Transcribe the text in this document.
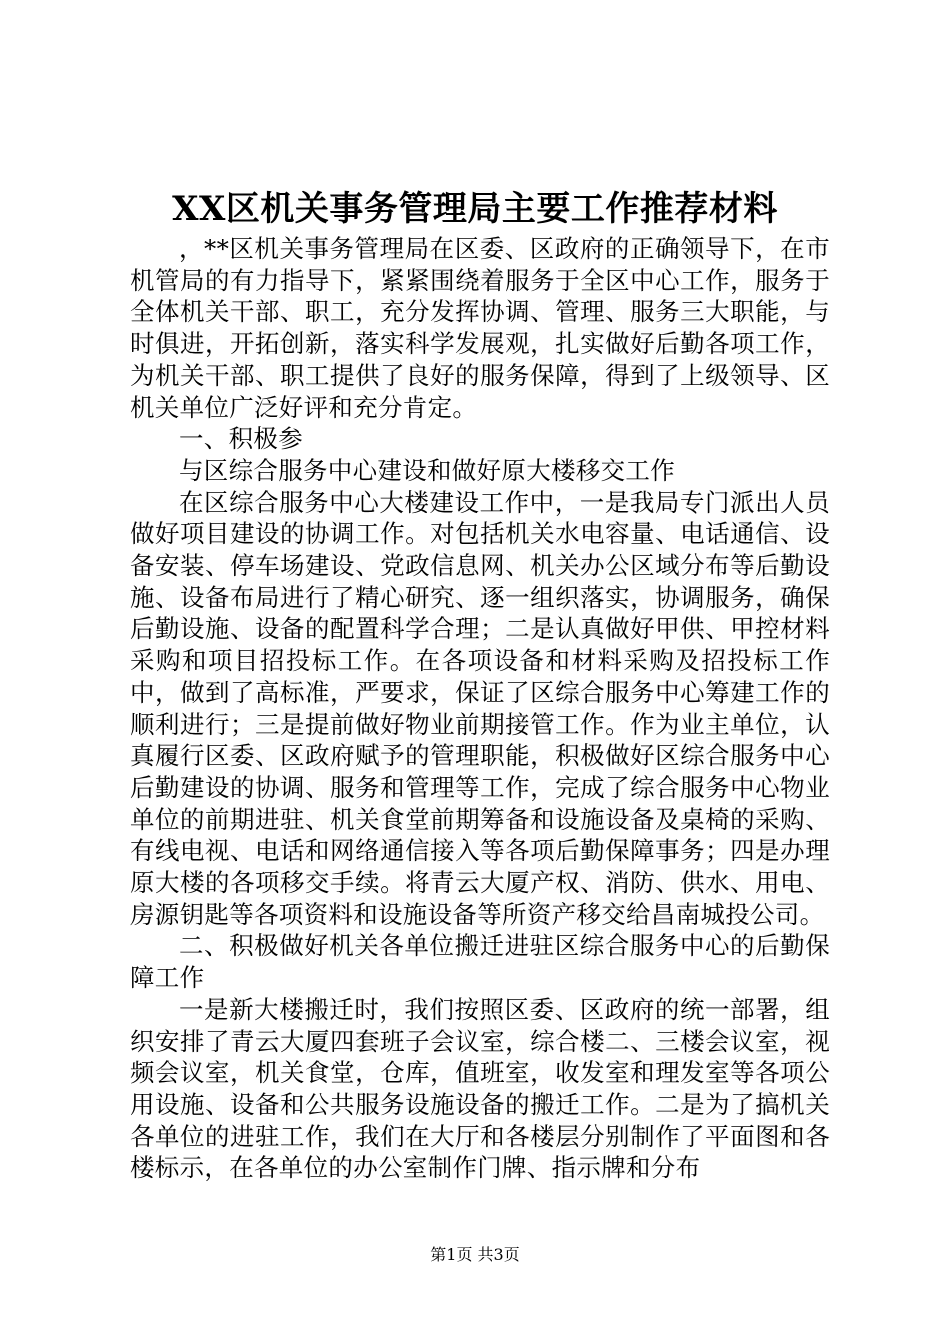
XX区机关事务管理局主要工作推荐材料

，**区机关事务管理局在区委、区政府的正确领导下，在市机管局的有力指导下，紧紧围绕着服务于全区中心工作，服务于全体机关干部、职工，充分发挥协调、管理、服务三大职能，与时俱进，开拓创新，落实科学发展观，扎实做好后勤各项工作，为机关干部、职工提供了良好的服务保障，得到了上级领导、区机关单位广泛好评和充分肯定。

一、积极参

与区综合服务中心建设和做好原大楼移交工作

在区综合服务中心大楼建设工作中，一是我局专门派出人员做好项目建设的协调工作。对包括机关水电容量、电话通信、设备安装、停车场建设、党政信息网、机关办公区域分布等后勤设施、设备布局进行了精心研究、逐一组织落实，协调服务，确保后勤设施、设备的配置科学合理；二是认真做好甲供、甲控材料采购和项目招投标工作。在各项设备和材料采购及招投标工作中，做到了高标准，严要求，保证了区综合服务中心筹建工作的顺利进行；三是提前做好物业前期接管工作。作为业主单位，认真履行区委、区政府赋予的管理职能，积极做好区综合服务中心后勤建设的协调、服务和管理等工作，完成了综合服务中心物业单位的前期进驻、机关食堂前期筹备和设施设备及桌椅的采购、有线电视、电话和网络通信接入等各项后勤保障事务；四是办理原大楼的各项移交手续。将青云大厦产权、消防、供水、用电、房源钥匙等各项资料和设施设备等所资产移交给昌南城投公司。

二、积极做好机关各单位搬迁进驻区综合服务中心的后勤保障工作

一是新大楼搬迁时，我们按照区委、区政府的统一部署，组织安排了青云大厦四套班子会议室，综合楼二、三楼会议室，视频会议室，机关食堂，仓库，值班室，收发室和理发室等各项公用设施、设备和公共服务设施设备的搬迁工作。二是为了搞机关各单位的进驻工作，我们在大厅和各楼层分别制作了平面图和各楼标示，在各单位的办公室制作门牌、指示牌和分布

第1页 共3页
